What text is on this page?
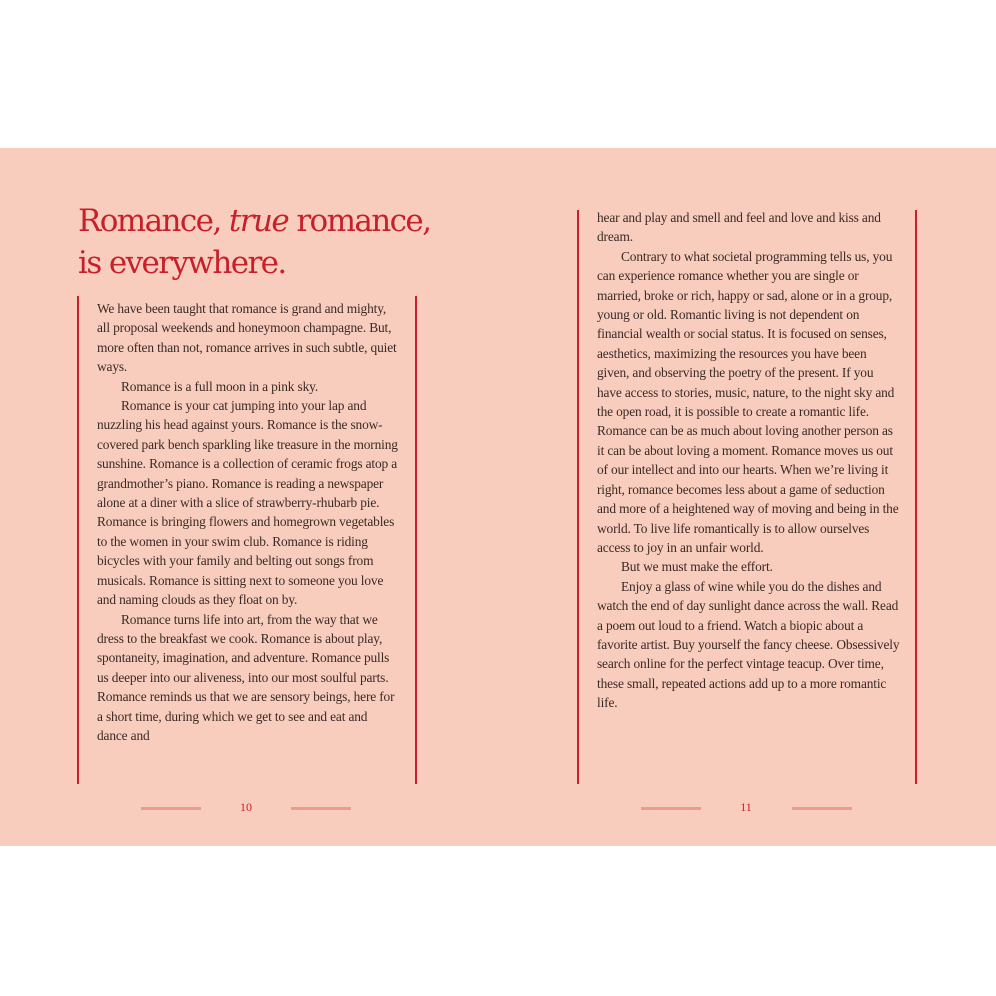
Romance, true romance,
is everywhere.

We have been taught that romance is grand and mighty, all proposal weekends and honeymoon champagne. But, more often than not, romance arrives in such subtle, quiet ways.

Romance is a full moon in a pink sky.

Romance is your cat jumping into your lap and nuzzling his head against yours. Romance is the snow-covered park bench sparkling like treasure in the morning sunshine. Romance is a collection of ceramic frogs atop a grandmother’s piano. Romance is reading a newspaper alone at a diner with a slice of strawberry-rhubarb pie. Romance is bringing flowers and homegrown vegetables to the women in your swim club. Romance is riding bicycles with your family and belting out songs from musicals. Romance is sitting next to someone you love and naming clouds as they float on by.

Romance turns life into art, from the way that we dress to the breakfast we cook. Romance is about play, spontaneity, imagination, and adventure. Romance pulls us deeper into our aliveness, into our most soulful parts. Romance reminds us that we are sensory beings, here for a short time, during which we get to see and eat and dance and

10

hear and play and smell and feel and love and kiss and dream.

Contrary to what societal programming tells us, you can experience romance whether you are single or married, broke or rich, happy or sad, alone or in a group, young or old. Romantic living is not dependent on financial wealth or social status. It is focused on senses, aesthetics, maximizing the resources you have been given, and observing the poetry of the present. If you have access to stories, music, nature, to the night sky and the open road, it is possible to create a romantic life. Romance can be as much about loving another person as it can be about loving a moment. Romance moves us out of our intellect and into our hearts. When we’re living it right, romance becomes less about a game of seduction and more of a heightened way of moving and being in the world. To live life romantically is to allow ourselves access to joy in an unfair world.

But we must make the effort.

Enjoy a glass of wine while you do the dishes and watch the end of day sunlight dance across the wall. Read a poem out loud to a friend. Watch a biopic about a favorite artist. Buy yourself the fancy cheese. Obsessively search online for the perfect vintage teacup. Over time, these small, repeated actions add up to a more romantic life.

11
